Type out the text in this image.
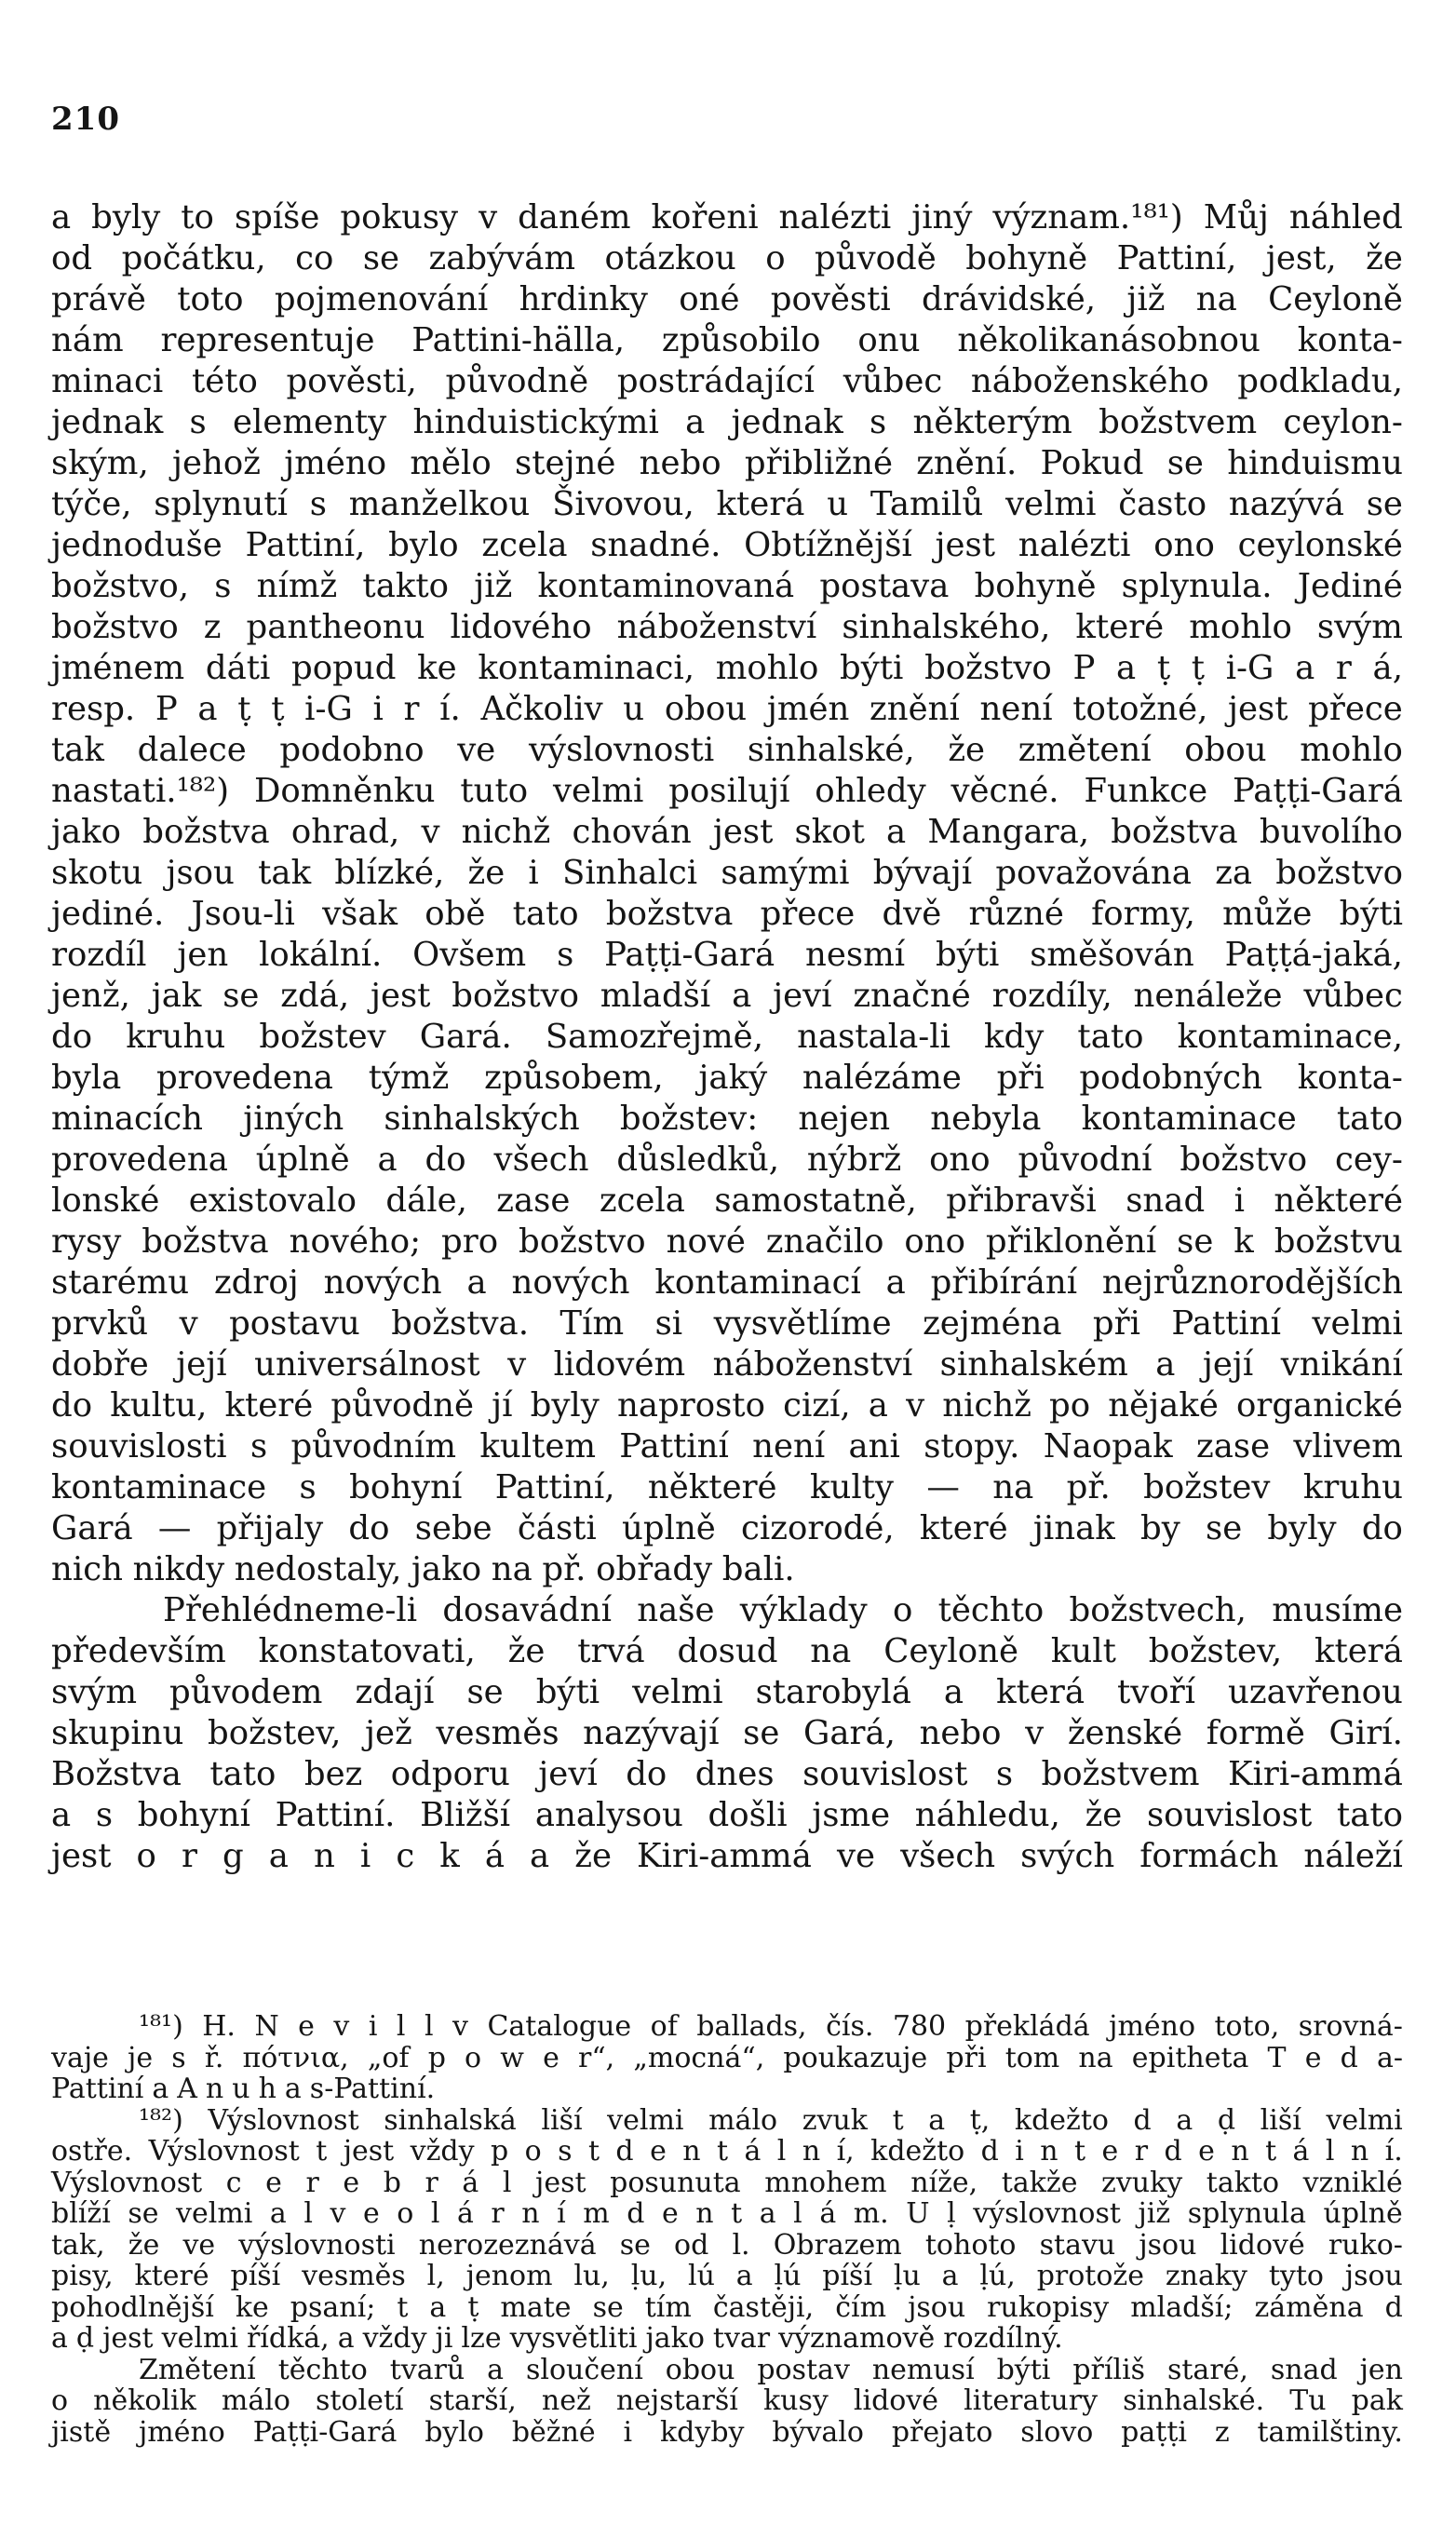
210
a byly to spíše pokusy v daném kořeni nalézti jiný význam.¹⁸¹) Můj náhled
od počátku, co se zabývám otázkou o původě bohyně Pattiní, jest, že
právě toto pojmenování hrdinky oné pověsti drávidské, již na Ceyloně
nám representuje Pattini-hälla, způsobilo onu několikanásobnou konta-
minaci této pověsti, původně postrádající vůbec náboženského podkladu,
jednak s elementy hinduistickými a jednak s některým božstvem ceylon-
ským, jehož jméno mělo stejné nebo přibližné znění. Pokud se hinduismu
týče, splynutí s manželkou Šivovou, která u Tamilů velmi často nazývá se
jednoduše Pattiní, bylo zcela snadné. Obtížnější jest nalézti ono ceylonské
božstvo, s nímž takto již kontaminovaná postava bohyně splynula. Jediné
božstvo z pantheonu lidového náboženství sinhalského, které mohlo svým
jménem dáti popud ke kontaminaci, mohlo býti božstvo P a ṭ ṭ i-G a r á,
resp. P a ṭ ṭ i-G i r í. Ačkoliv u obou jmén znění není totožné, jest přece
tak dalece podobno ve výslovnosti sinhalské, že změtení obou mohlo
nastati.¹⁸²) Domněnku tuto velmi posilují ohledy věcné. Funkce Paṭṭi-Gará
jako božstva ohrad, v nichž chován jest skot a Mangara, božstva buvolího
skotu jsou tak blízké, že i Sinhalci samými bývají považována za božstvo
jediné. Jsou-li však obě tato božstva přece dvě různé formy, může býti
rozdíl jen lokální. Ovšem s Paṭṭi-Gará nesmí býti směšován Paṭṭá-jaká,
jenž, jak se zdá, jest božstvo mladší a jeví značné rozdíly, nenáleže vůbec
do kruhu božstev Gará. Samozřejmě, nastala-li kdy tato kontaminace,
byla provedena týmž způsobem, jaký nalézáme při podobných konta-
minacích jiných sinhalských božstev: nejen nebyla kontaminace tato
provedena úplně a do všech důsledků, nýbrž ono původní božstvo cey-
lonské existovalo dále, zase zcela samostatně, přibravši snad i některé
rysy božstva nového; pro božstvo nové značilo ono přiklonění se k božstvu
starému zdroj nových a nových kontaminací a přibírání nejrůznorodějších
prvků v postavu božstva. Tím si vysvětlíme zejména při Pattiní velmi
dobře její universálnost v lidovém náboženství sinhalském a její vnikání
do kultu, které původně jí byly naprosto cizí, a v nichž po nějaké organické
souvislosti s původním kultem Pattiní není ani stopy. Naopak zase vlivem
kontaminace s bohyní Pattiní, některé kulty — na př. božstev kruhu
Gará — přijaly do sebe části úplně cizorodé, které jinak by se byly do
nich nikdy nedostaly, jako na př. obřady bali.
Přehlédneme-li dosavádní naše výklady o těchto božstvech, musíme
především konstatovati, že trvá dosud na Ceyloně kult božstev, která
svým původem zdají se býti velmi starobylá a která tvoří uzavřenou
skupinu božstev, jež vesměs nazývají se Gará, nebo v ženské formě Girí.
Božstva tato bez odporu jeví do dnes souvislost s božstvem Kiri-ammá
a s bohyní Pattiní. Bližší analysou došli jsme náhledu, že souvislost tato
jest o r g a n i c k á a že Kiri-ammá ve všech svých formách náleží
¹⁸¹) H. N e v i l l v Catalogue of ballads, čís. 780 překládá jméno toto, srovná-
vaje je s ř. πότνια, „of p o w e r“, „mocná“, poukazuje při tom na epitheta T e d a-
Pattiní a A n u h a s-Pattiní.
¹⁸²) Výslovnost sinhalská liší velmi málo zvuk t a ṭ, kdežto d a ḍ liší velmi
ostře. Výslovnost t jest vždy p o s t d e n t á l n í, kdežto d i n t e r d e n t á l n í.
Výslovnost c e r e b r á l jest posunuta mnohem níže, takže zvuky takto vzniklé
blíží se velmi a l v e o l á r n í m d e n t a l á m. U ḷ výslovnost již splynula úplně
tak, že ve výslovnosti nerozeznává se od l. Obrazem tohoto stavu jsou lidové ruko-
pisy, které píší vesměs l, jenom lu, ḷu, lú a ḷú píší ḷu a ḷú, protože znaky tyto jsou
pohodlnější ke psaní; t a ṭ mate se tím častěji, čím jsou rukopisy mladší; záměna d
a ḍ jest velmi řídká, a vždy ji lze vysvětliti jako tvar významově rozdílný.
Změtení těchto tvarů a sloučení obou postav nemusí býti příliš staré, snad jen
o několik málo století starší, než nejstarší kusy lidové literatury sinhalské. Tu pak
jistě jméno Paṭṭi-Gará bylo běžné i kdyby bývalo přejato slovo paṭṭi z tamilštiny.
